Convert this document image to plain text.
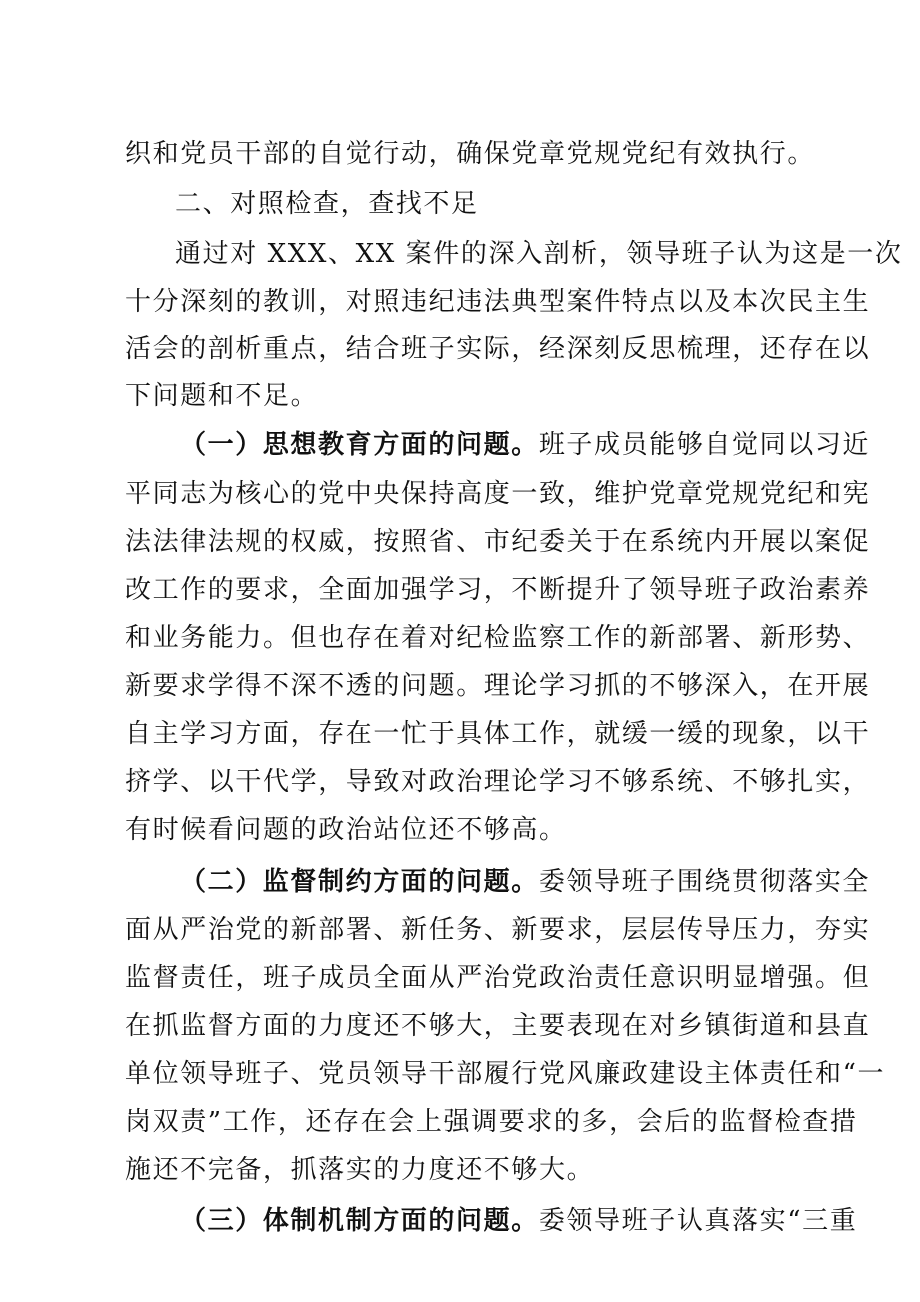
织和党员干部的自觉行动，确保党章党规党纪有效执行。
二、对照检查，查找不足
通过对 XXX、XX 案件的深入剖析，领导班子认为这是一次
十分深刻的教训，对照违纪违法典型案件特点以及本次民主生
活会的剖析重点，结合班子实际，经深刻反思梳理，还存在以
下问题和不足。
（一）思想教育方面的问题。班子成员能够自觉同以习近
平同志为核心的党中央保持高度一致，维护党章党规党纪和宪
法法律法规的权威，按照省、市纪委关于在系统内开展以案促
改工作的要求，全面加强学习，不断提升了领导班子政治素养
和业务能力。但也存在着对纪检监察工作的新部署、新形势、
新要求学得不深不透的问题。理论学习抓的不够深入，在开展
自主学习方面，存在一忙于具体工作，就缓一缓的现象，以干
挤学、以干代学，导致对政治理论学习不够系统、不够扎实，
有时候看问题的政治站位还不够高。
（二）监督制约方面的问题。委领导班子围绕贯彻落实全
面从严治党的新部署、新任务、新要求，层层传导压力，夯实
监督责任，班子成员全面从严治党政治责任意识明显增强。但
在抓监督方面的力度还不够大，主要表现在对乡镇街道和县直
单位领导班子、党员领导干部履行党风廉政建设主体责任和“一
岗双责”工作，还存在会上强调要求的多，会后的监督检查措
施还不完备，抓落实的力度还不够大。
（三）体制机制方面的问题。委领导班子认真落实“三重
